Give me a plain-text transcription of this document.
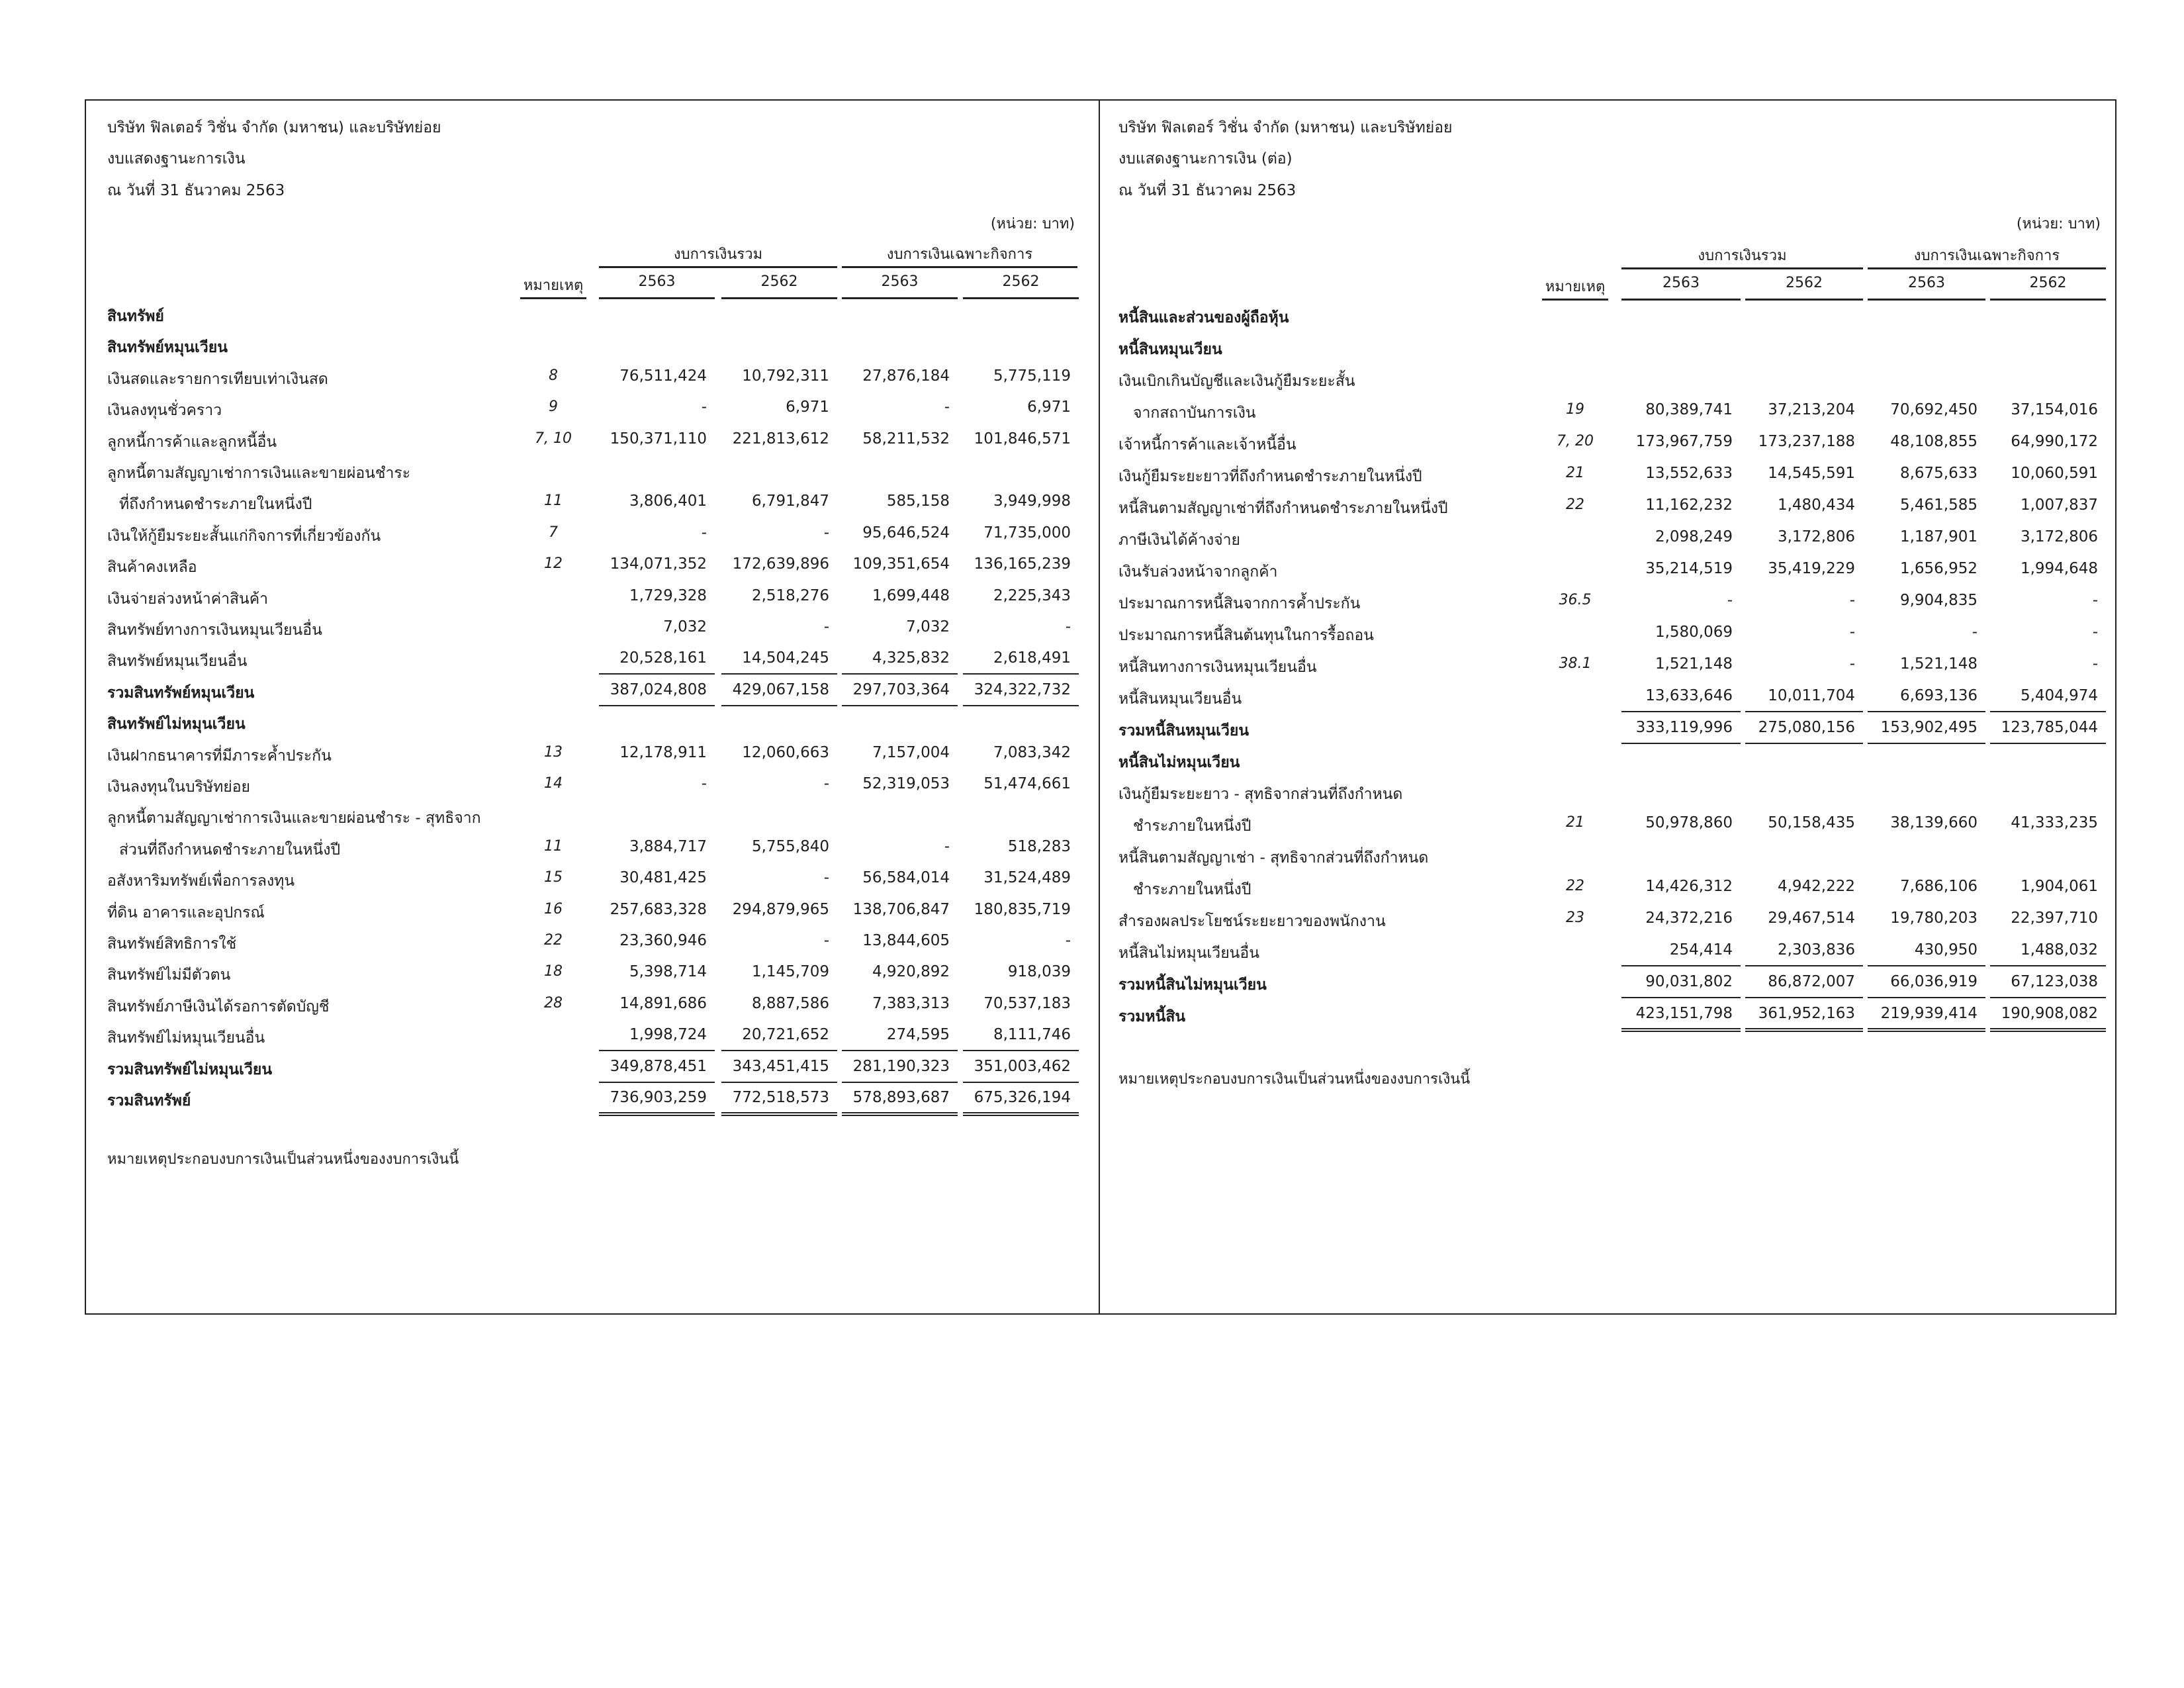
บริษัท ฟิลเตอร์ วิชั่น จำกัด (มหาชน) และบริษัทย่อย
งบแสดงฐานะการเงิน
ณ วันที่ 31 ธันวาคม 2563
(หน่วย: บาท)
งบการเงินรวม	งบการเงินเฉพาะกิจการ
หมายเหตุ	2563	2562	2563	2562
สินทรัพย์
สินทรัพย์หมุนเวียน
เงินสดและรายการเทียบเท่าเงินสด	8	76,511,424	10,792,311	27,876,184	5,775,119
เงินลงทุนชั่วคราว	9	-	6,971	-	6,971
ลูกหนี้การค้าและลูกหนี้อื่น	7, 10	150,371,110	221,813,612	58,211,532	101,846,571
ลูกหนี้ตามสัญญาเช่าการเงินและขายผ่อนชำระ
ที่ถึงกำหนดชำระภายในหนึ่งปี	11	3,806,401	6,791,847	585,158	3,949,998
เงินให้กู้ยืมระยะสั้นแก่กิจการที่เกี่ยวข้องกัน	7	-	-	95,646,524	71,735,000
สินค้าคงเหลือ	12	134,071,352	172,639,896	109,351,654	136,165,239
เงินจ่ายล่วงหน้าค่าสินค้า	1,729,328	2,518,276	1,699,448	2,225,343
สินทรัพย์ทางการเงินหมุนเวียนอื่น	7,032	-	7,032	-
สินทรัพย์หมุนเวียนอื่น	20,528,161	14,504,245	4,325,832	2,618,491
รวมสินทรัพย์หมุนเวียน	387,024,808	429,067,158	297,703,364	324,322,732
สินทรัพย์ไม่หมุนเวียน
เงินฝากธนาคารที่มีภาระค้ำประกัน	13	12,178,911	12,060,663	7,157,004	7,083,342
เงินลงทุนในบริษัทย่อย	14	-	-	52,319,053	51,474,661
ลูกหนี้ตามสัญญาเช่าการเงินและขายผ่อนชำระ - สุทธิจาก
ส่วนที่ถึงกำหนดชำระภายในหนึ่งปี	11	3,884,717	5,755,840	-	518,283
อสังหาริมทรัพย์เพื่อการลงทุน	15	30,481,425	-	56,584,014	31,524,489
ที่ดิน อาคารและอุปกรณ์	16	257,683,328	294,879,965	138,706,847	180,835,719
สินทรัพย์สิทธิการใช้	22	23,360,946	-	13,844,605	-
สินทรัพย์ไม่มีตัวตน	18	5,398,714	1,145,709	4,920,892	918,039
สินทรัพย์ภาษีเงินได้รอการตัดบัญชี	28	14,891,686	8,887,586	7,383,313	70,537,183
สินทรัพย์ไม่หมุนเวียนอื่น	1,998,724	20,721,652	274,595	8,111,746
รวมสินทรัพย์ไม่หมุนเวียน	349,878,451	343,451,415	281,190,323	351,003,462
รวมสินทรัพย์	736,903,259	772,518,573	578,893,687	675,326,194
หมายเหตุประกอบงบการเงินเป็นส่วนหนึ่งของงบการเงินนี้
บริษัท ฟิลเตอร์ วิชั่น จำกัด (มหาชน) และบริษัทย่อย
งบแสดงฐานะการเงิน (ต่อ)
ณ วันที่ 31 ธันวาคม 2563
(หน่วย: บาท)
งบการเงินรวม	งบการเงินเฉพาะกิจการ
หมายเหตุ	2563	2562	2563	2562
หนี้สินและส่วนของผู้ถือหุ้น
หนี้สินหมุนเวียน
เงินเบิกเกินบัญชีและเงินกู้ยืมระยะสั้น
จากสถาบันการเงิน	19	80,389,741	37,213,204	70,692,450	37,154,016
เจ้าหนี้การค้าและเจ้าหนี้อื่น	7, 20	173,967,759	173,237,188	48,108,855	64,990,172
เงินกู้ยืมระยะยาวที่ถึงกำหนดชำระภายในหนึ่งปี	21	13,552,633	14,545,591	8,675,633	10,060,591
หนี้สินตามสัญญาเช่าที่ถึงกำหนดชำระภายในหนึ่งปี	22	11,162,232	1,480,434	5,461,585	1,007,837
ภาษีเงินได้ค้างจ่าย	2,098,249	3,172,806	1,187,901	3,172,806
เงินรับล่วงหน้าจากลูกค้า	35,214,519	35,419,229	1,656,952	1,994,648
ประมาณการหนี้สินจากการค้ำประกัน	36.5	-	-	9,904,835	-
ประมาณการหนี้สินต้นทุนในการรื้อถอน	1,580,069	-	-	-
หนี้สินทางการเงินหมุนเวียนอื่น	38.1	1,521,148	-	1,521,148	-
หนี้สินหมุนเวียนอื่น	13,633,646	10,011,704	6,693,136	5,404,974
รวมหนี้สินหมุนเวียน	333,119,996	275,080,156	153,902,495	123,785,044
หนี้สินไม่หมุนเวียน
เงินกู้ยืมระยะยาว - สุทธิจากส่วนที่ถึงกำหนด
ชำระภายในหนึ่งปี	21	50,978,860	50,158,435	38,139,660	41,333,235
หนี้สินตามสัญญาเช่า - สุทธิจากส่วนที่ถึงกำหนด
ชำระภายในหนึ่งปี	22	14,426,312	4,942,222	7,686,106	1,904,061
สำรองผลประโยชน์ระยะยาวของพนักงาน	23	24,372,216	29,467,514	19,780,203	22,397,710
หนี้สินไม่หมุนเวียนอื่น	254,414	2,303,836	430,950	1,488,032
รวมหนี้สินไม่หมุนเวียน	90,031,802	86,872,007	66,036,919	67,123,038
รวมหนี้สิน	423,151,798	361,952,163	219,939,414	190,908,082
หมายเหตุประกอบงบการเงินเป็นส่วนหนึ่งของงบการเงินนี้
